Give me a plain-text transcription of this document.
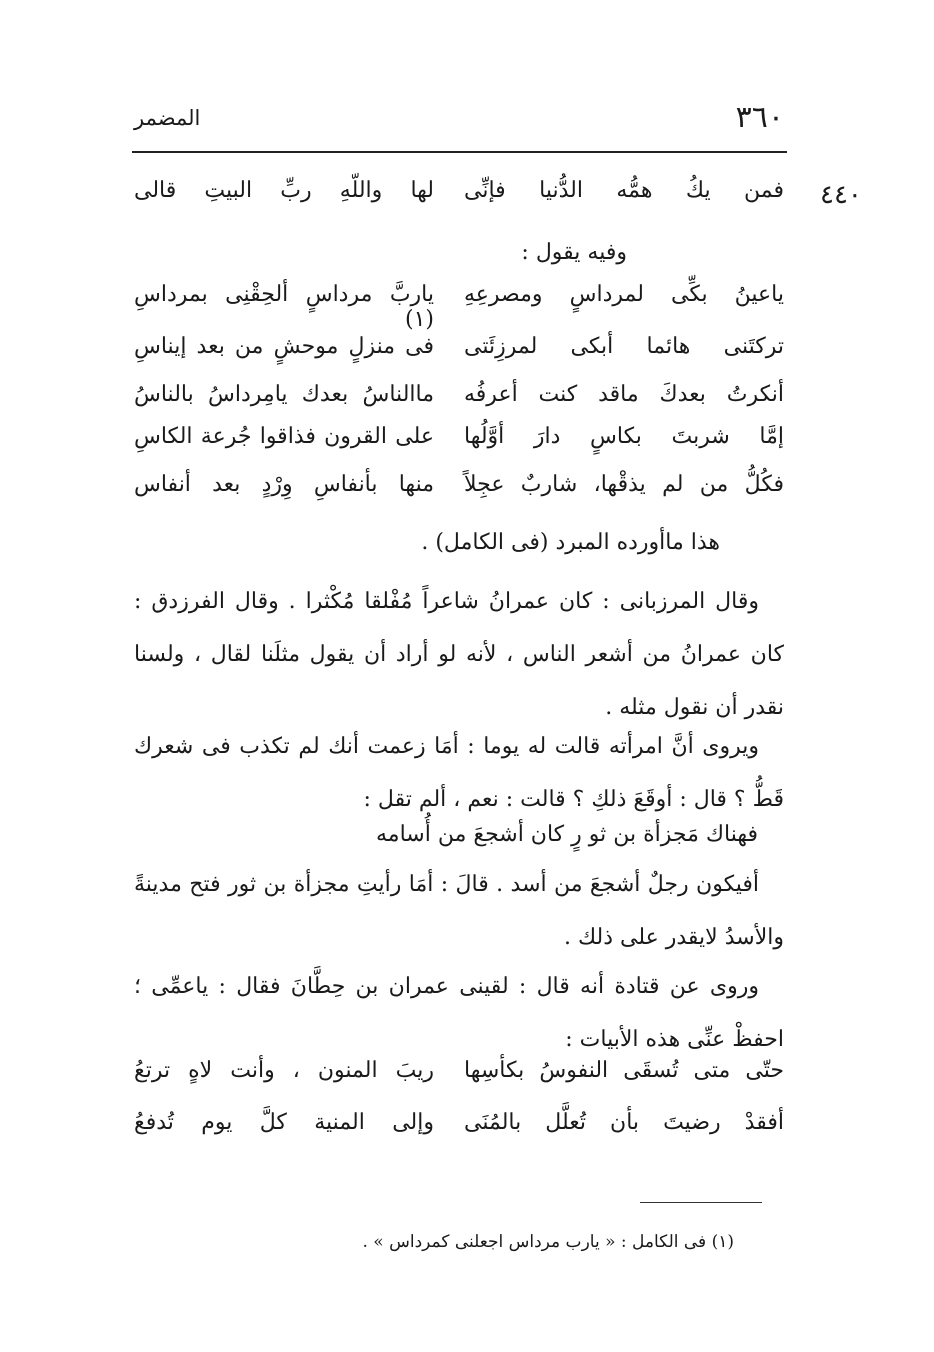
٣٦٠
المضمر
٤٤٠
فمن يكُ همُّه الدُّنيا فإنِّى
لها واللّهِ ربِّ البيتِ قالى
وفيه يقول :
ياعينُ بكِّى لمرداسٍ ومصرعِهِ
ياربَّ مرداسٍ ألحِقْنِى بمرداسِ (١)
تركتَنى هائما أبكى لمرزِئَتى
فى منزلٍ موحشٍ من بعد إيناسِ
أنكرتُ بعدكَ ماقد كنت أعرفُه
ماالناسُ بعدك يامِرداسُ بالناسُ
إمَّا شربتَ بكاسٍ دارَ أوَّلُها
على القرون فذاقوا جُرعة الكاسِ
فكُلُّ من لم يذقْها، شاربٌ عجِلاً
منها بأنفاسِ وِرْدٍ بعد أنفاس
هذا ماأورده المبرد (فى الكامل) .
وقال المرزبانى : كان عمرانُ شاعراً مُفْلقا مُكْثرا . وقال الفرزدق : كان عمرانُ من أشعر الناس ، لأنه لو أراد أن يقول مثلَنا لقال ، ولسنا نقدر أن نقول مثله .
ويروى أنَّ امرأته قالت له يوما : أمَا زعمت أنك لم تكذب فى شعرك قَطُّ ؟ قال : أوقَعَ ذلكِ ؟ قالت : نعم ، ألم تقل :
فهناك مَجزأة بن ثو رٍ كان أشجعَ من أُسامه
أفيكون رجلٌ أشجعَ من أسد . قالَ : أمَا رأيتِ مجزأة بن ثور فتح مدينةً والأسدُ لايقدر على ذلك .
وروى عن قتادة أنه قال : لقينى عمران بن حِطَّانَ فقال : ياعمِّى ؛ احفظْ عنِّى هذه الأبيات :
حتّى متى تُسقَى النفوسُ بكأسِها
ريبَ المنون ، وأنت لاهٍ ترتعُ
أفقدْ رضيتَ بأن تُعلَّل بالمُنَى
وإلى المنية كلَّ يوم تُدفعُ
(١) فى الكامل : « يارب مرداس اجعلنى كمرداس » .
